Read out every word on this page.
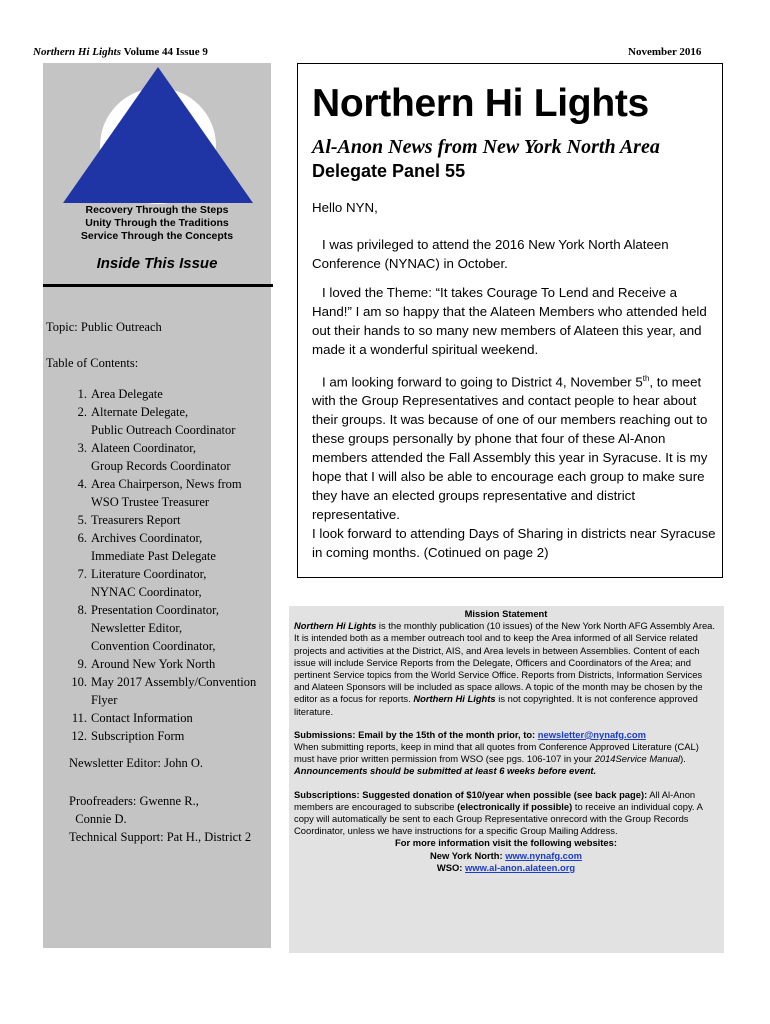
Northern Hi Lights Volume 44 Issue 9	November 2016
Recovery Through the Steps
Unity Through the Traditions
Service Through the Concepts
Inside This Issue
Topic: Public Outreach
Table of Contents:
1. Area Delegate
2. Alternate Delegate,
Public Outreach Coordinator
3. Alateen Coordinator,
Group Records Coordinator
4. Area Chairperson, News from
WSO Trustee Treasurer
5. Treasurers Report
6. Archives Coordinator,
Immediate Past Delegate
7. Literature Coordinator,
NYNAC Coordinator,
8. Presentation Coordinator,
Newsletter Editor,
Convention Coordinator,
9. Around New York North
10. May 2017 Assembly/Convention
Flyer
11. Contact Information
12. Subscription Form
Newsletter Editor: John O.
Proofreaders: Gwenne R.,
Connie D.
Technical Support: Pat H., District 2
Northern Hi Lights
Al-Anon News from New York North Area
Delegate Panel 55

Hello NYN,

I was privileged to attend the 2016 New York North Alateen Conference (NYNAC) in October.

I loved the Theme: “It takes Courage To Lend and Receive a Hand!” I am so happy that the Alateen Members who attended held out their hands to so many new members of Alateen this year, and made it a wonderful spiritual weekend.

I am looking forward to going to District 4, November 5th, to meet with the Group Representatives and contact people to hear about their groups. It was because of one of our members reaching out to these groups personally by phone that four of these Al-Anon members attended the Fall Assembly this year in Syracuse. It is my hope that I will also be able to encourage each group to make sure they have an elected groups representative and district representative.

I look forward to attending Days of Sharing in districts near Syracuse in coming months. (Cotinued on page 2)

Mission Statement

Northern Hi Lights is the monthly publication (10 issues) of the New York North AFG Assembly Area. It is intended both as a member outreach tool and to keep the Area informed of all Service related projects and activities at the District, AIS, and Area levels in between Assemblies. Content of each issue will include Service Reports from the Delegate, Officers and Coordinators of the Area; and pertinent Service topics from the World Service Office. Reports from Districts, Information Services and Alateen Sponsors will be included as space allows. A topic of the month may be chosen by the editor as a focus for reports. Northern Hi Lights is not copyrighted. It is not conference approved literature.

Submissions: Email by the 15th of the month prior, to: newsletter@nynafg.com
When submitting reports, keep in mind that all quotes from Conference Approved Literature (CAL) must have prior written permission from WSO (see pgs. 106-107 in your 2014Service Manual). Announcements should be submitted at least 6 weeks before event.

Subscriptions: Suggested donation of $10/year when possible (see back page): All Al-Anon members are encouraged to subscribe (electronically if possible) to receive an individual copy. A copy will automatically be sent to each Group Representative onrecord with the Group Records Coordinator, unless we have instructions for a specific Group Mailing Address.

For more information visit the following websites:

New York North: www.nynafg.com

WSO: www.al-anon.alateen.org
